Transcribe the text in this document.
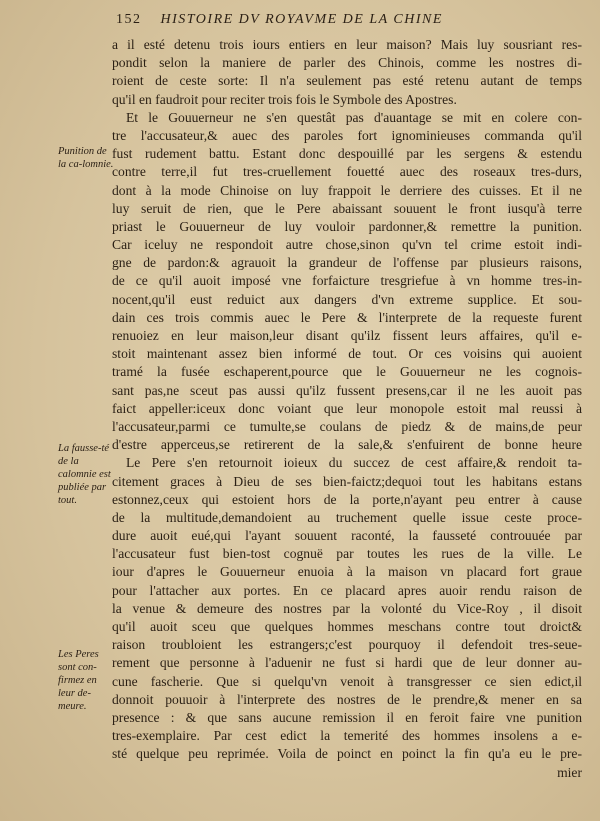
152 HISTOIRE DV ROYAVME DE LA CHINE
Punition de la ca-lomnie.
La fausse-té de la calomnie est publiée par tout.
Les Peres sont con-firmez en leur de-meure.
a il esté detenu trois iours entiers en leur maison? Mais luy sousriant res-
pondit selon la maniere de parler des Chinois, comme les nostres di-
roient de ceste sorte: Il n'a seulement pas esté retenu autant de temps
qu'il en faudroit pour reciter trois fois le Symbole des Apostres.
Et le Gouuerneur ne s'en questât pas d'auantage se mit en colere con-
tre l'accusateur,& auec des paroles fort ignominieuses commanda qu'il
fust rudement battu. Estant donc despouillé par les sergens & estendu
contre terre,il fut tres-cruellement fouetté auec des roseaux tres-durs,
dont à la mode Chinoise on luy frappoit le derriere des cuisses. Et il ne
luy seruit de rien, que le Pere abaissant souuent le front iusqu'à terre
priast le Gouuerneur de luy vouloir pardonner,& remettre la punition.
Car iceluy ne respondoit autre chose,sinon qu'vn tel crime estoit indi-
gne de pardon:& agrauoit la grandeur de l'offense par plusieurs raisons,
de ce qu'il auoit imposé vne forfaicture tresgriefue à vn homme tres-in-
nocent,qu'il eust reduict aux dangers d'vn extreme supplice. Et sou-
dain ces trois commis auec le Pere & l'interprete de la requeste furent
renuoiez en leur maison,leur disant qu'ilz fissent leurs affaires, qu'il e-
stoit maintenant assez bien informé de tout. Or ces voisins qui auoient
tramé la fusée eschaperent,pource que le Gouuerneur ne les cognois-
sant pas,ne sceut pas aussi qu'ilz fussent presens,car il ne les auoit pas
faict appeller:iceux donc voiant que leur monopole estoit mal reussi à
l'accusateur,parmi ce tumulte,se coulans de piedz & de mains,de peur
d'estre apperceus,se retirerent de la sale,& s'enfuirent de bonne heure
Le Pere s'en retournoit ioieux du succez de cest affaire,& rendoit ta-
citement graces à Dieu de ses bien-faictz;dequoi tout les habitans estans
estonnez,ceux qui estoient hors de la porte,n'ayant peu entrer à cause
de la multitude,demandoient au truchement quelle issue ceste proce-
dure auoit eué,qui l'ayant souuent raconté, la fausseté controuuée par
l'accusateur fust bien-tost cognuë par toutes les rues de la ville. Le
iour d'apres le Gouuerneur enuoia à la maison vn placard fort graue
pour l'attacher aux portes. En ce placard apres auoir rendu raison de
la venue & demeure des nostres par la volonté du Vice-Roy , il disoit
qu'il auoit sceu que quelques hommes meschans contre tout droict&
raison troubloient les estrangers;c'est pourquoy il defendoit tres-seue-
rement que personne à l'aduenir ne fust si hardi que de leur donner au-
cune fascherie. Que si quelqu'vn venoit à transgresser ce sien edict,il
donnoit pouuoir à l'interprete des nostres de le prendre,& mener en sa
presence : & que sans aucune remission il en feroit faire vne punition
tres-exemplaire. Par cest edict la temerité des hommes insolens a e-
sté quelque peu reprimée. Voila de poinct en poinct la fin qu'a eu le pre-
mier
